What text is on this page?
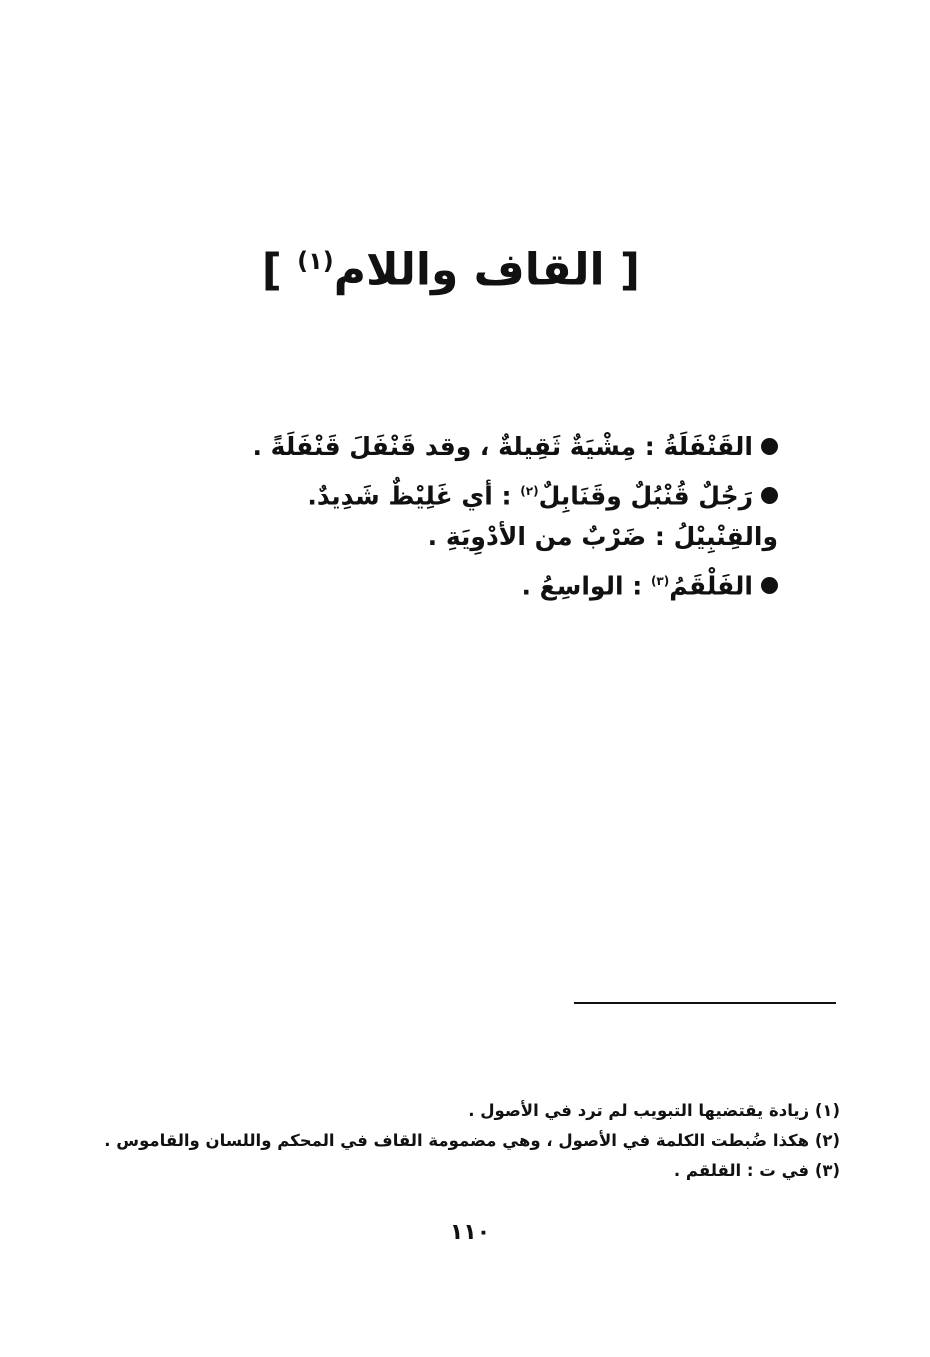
[ القاف واللام$^{(١)}$ ]
القَنْفَلَةُ : مِشْيَةٌ ثَقِيلةٌ ، وقد قَنْفَلَ قَنْفَلَةً .
رَجُلٌ قُنْبُلٌ وقَنَابِلٌ$^{(٢)}$ : أي غَلِيْظٌ شَدِيدٌ.
والقِنْبِيْلُ : ضَرْبٌ من الأدْوِيَةِ .
الفَلْقَمُ$^{(٣)}$ : الواسِعُ .
(١) زيادة يقتضيها التبويب لم ترد في الأصول .
(٢) هكذا ضُبطت الكلمة في الأصول ، وهي مضمومة القاف في المحكم واللسان والقاموس .
(٣) في ت : القلقم .
١١٠
